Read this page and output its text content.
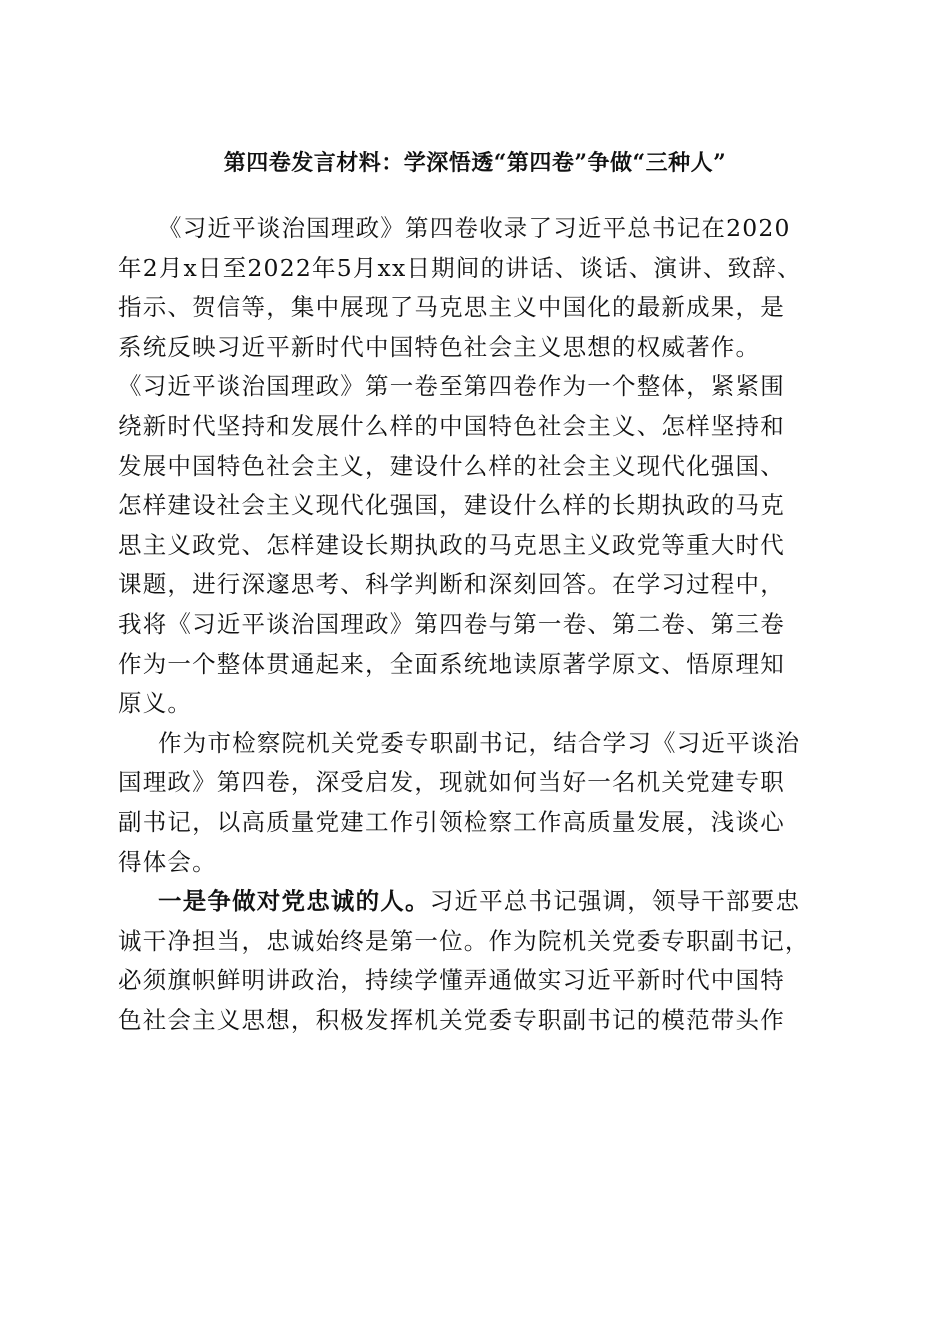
第四卷发言材料：学深悟透“第四卷”争做“三种人”

《习近平谈治国理政》第四卷收录了习近平总书记在2020
年2月x日至2022年5月xx日期间的讲话、谈话、演讲、致辞、
指示、贺信等，集中展现了马克思主义中国化的最新成果，是
系统反映习近平新时代中国特色社会主义思想的权威著作。
《习近平谈治国理政》第一卷至第四卷作为一个整体，紧紧围
绕新时代坚持和发展什么样的中国特色社会主义、怎样坚持和
发展中国特色社会主义，建设什么样的社会主义现代化强国、
怎样建设社会主义现代化强国，建设什么样的长期执政的马克
思主义政党、怎样建设长期执政的马克思主义政党等重大时代
课题，进行深邃思考、科学判断和深刻回答。在学习过程中，
我将《习近平谈治国理政》第四卷与第一卷、第二卷、第三卷
作为一个整体贯通起来，全面系统地读原著学原文、悟原理知
原义。

作为市检察院机关党委专职副书记，结合学习《习近平谈治
国理政》第四卷，深受启发，现就如何当好一名机关党建专职
副书记，以高质量党建工作引领检察工作高质量发展，浅谈心
得体会。

一是争做对党忠诚的人。习近平总书记强调，领导干部要忠
诚干净担当，忠诚始终是第一位。作为院机关党委专职副书记，
必须旗帜鲜明讲政治，持续学懂弄通做实习近平新时代中国特
色社会主义思想，积极发挥机关党委专职副书记的模范带头作
